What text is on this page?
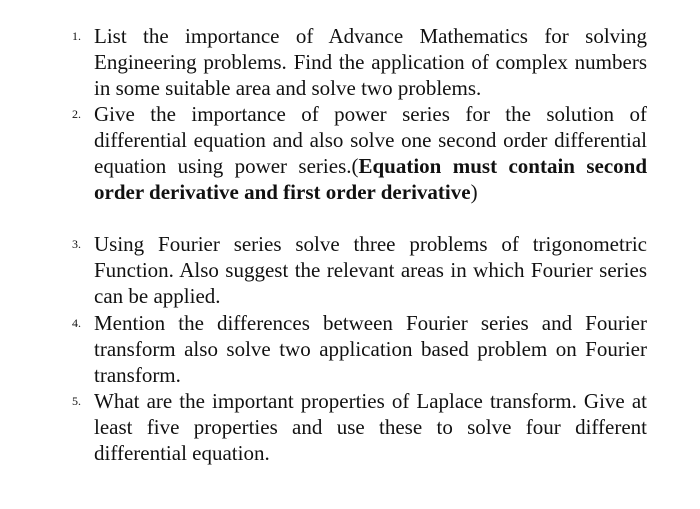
1. List the importance of Advance Mathematics for solving Engineering problems. Find the application of complex numbers in some suitable area and solve two problems.
2. Give the importance of power series for the solution of differential equation and also solve one second order differential equation using power series.(Equation must contain second order derivative and first order derivative)
3. Using Fourier series solve three problems of trigonometric Function. Also suggest the relevant areas in which Fourier series can be applied.
4. Mention the differences between Fourier series and Fourier transform also solve two application based problem on Fourier transform.
5. What are the important properties of Laplace transform. Give at least five properties and use these to solve four different differential equation.
